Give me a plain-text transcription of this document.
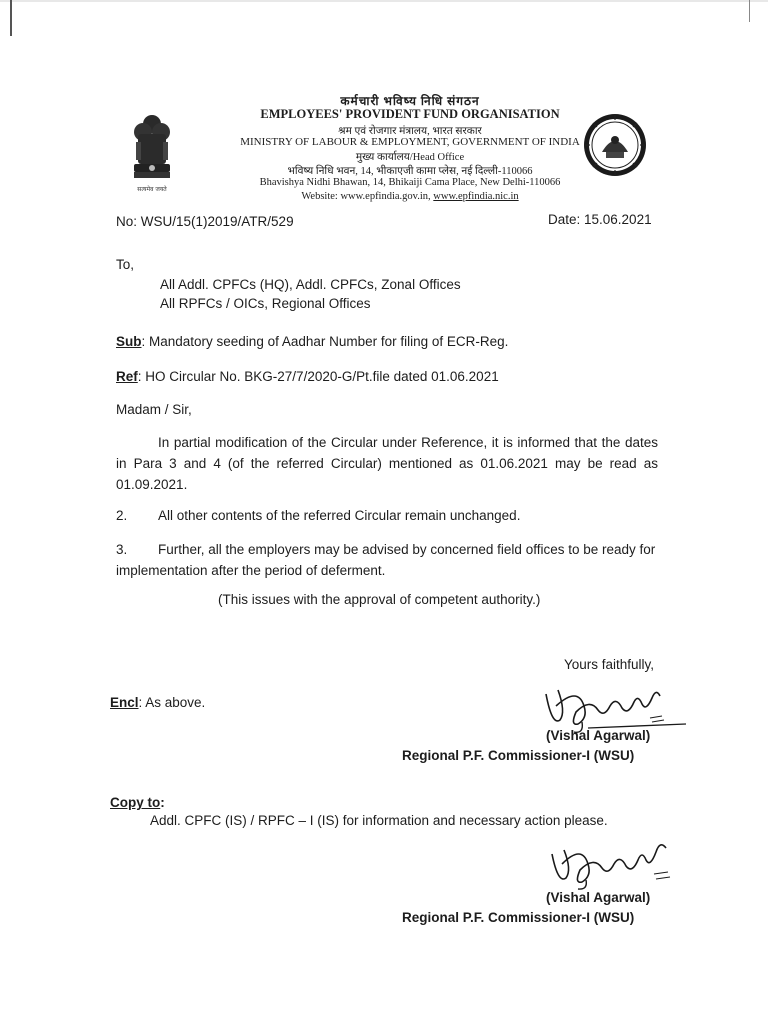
सत्यमेव जयते
कर्मचारी भविष्य निधि संगठन
EMPLOYEES' PROVIDENT FUND ORGANISATION
श्रम एवं रोजगार मंत्रालय, भारत सरकार
MINISTRY OF LABOUR & EMPLOYMENT, GOVERNMENT OF INDIA
मुख्य कार्यालय/Head Office
भविष्य निधि भवन, 14, भीकाएजी कामा प्लेस, नई दिल्ली-110066
Bhavishya Nidhi Bhawan, 14, Bhikaiji Cama Place, New Delhi-110066
Website: www.epfindia.gov.in, www.epfindia.nic.in
No: WSU/15(1)2019/ATR/529	Date: 15.06.2021
To,
All Addl. CPFCs (HQ), Addl. CPFCs, Zonal Offices
All RPFCs / OICs, Regional Offices
Sub: Mandatory seeding of Aadhar Number for filing of ECR-Reg.
Ref: HO Circular No. BKG-27/7/2020-G/Pt.file dated 01.06.2021
Madam / Sir,
In partial modification of the Circular under Reference, it is informed that the dates in Para 3 and 4 (of the referred Circular) mentioned as 01.06.2021 may be read as 01.09.2021.
2. All other contents of the referred Circular remain unchanged.
3. Further, all the employers may be advised by concerned field offices to be ready for implementation after the period of deferment.
(This issues with the approval of competent authority.)
Yours faithfully,
Encl: As above.
(Vishal Agarwal)
Regional P.F. Commissioner-I (WSU)
Copy to:
Addl. CPFC (IS) / RPFC – I (IS) for information and necessary action please.
(Vishal Agarwal)
Regional P.F. Commissioner-I (WSU)
